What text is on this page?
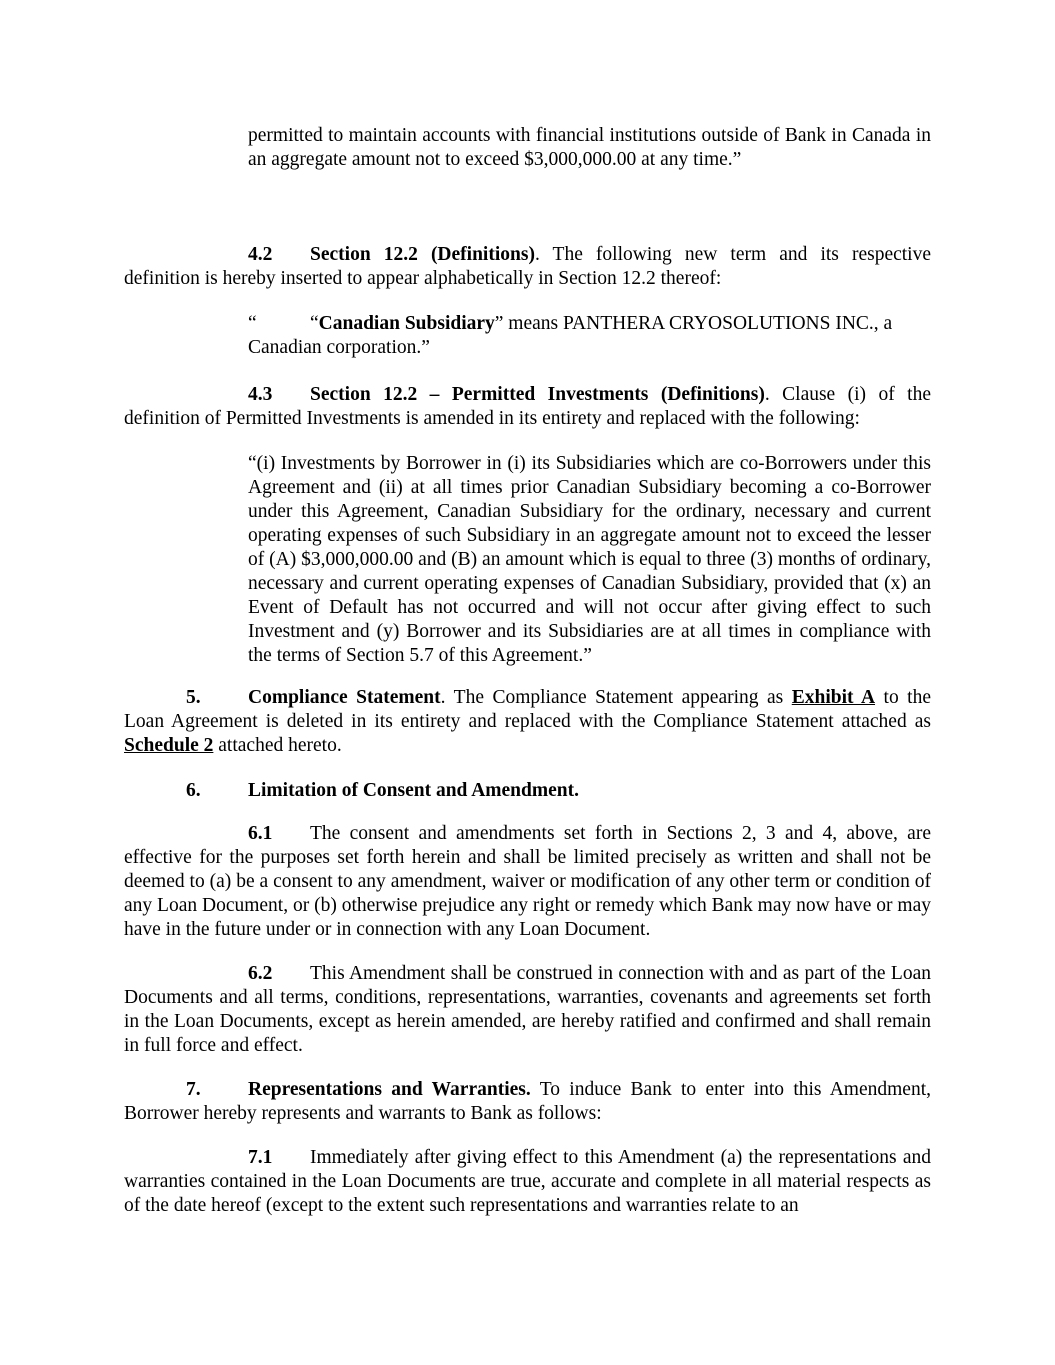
permitted to maintain accounts with financial institutions outside of Bank in Canada in an aggregate amount not to exceed $3,000,000.00 at any time.”
4.2 Section 12.2 (Definitions). The following new term and its respective definition is hereby inserted to appear alphabetically in Section 12.2 thereof:
“	“Canadian Subsidiary” means PANTHERA CRYOSOLUTIONS INC., a Canadian corporation.”
4.3 Section 12.2 – Permitted Investments (Definitions). Clause (i) of the definition of Permitted Investments is amended in its entirety and replaced with the following:
“(i) Investments by Borrower in (i) its Subsidiaries which are co-Borrowers under this Agreement and (ii) at all times prior Canadian Subsidiary becoming a co-Borrower under this Agreement, Canadian Subsidiary for the ordinary, necessary and current operating expenses of such Subsidiary in an aggregate amount not to exceed the lesser of (A) $3,000,000.00 and (B) an amount which is equal to three (3) months of ordinary, necessary and current operating expenses of Canadian Subsidiary, provided that (x) an Event of Default has not occurred and will not occur after giving effect to such Investment and (y) Borrower and its Subsidiaries are at all times in compliance with the terms of Section 5.7 of this Agreement.”
5. Compliance Statement. The Compliance Statement appearing as Exhibit A to the Loan Agreement is deleted in its entirety and replaced with the Compliance Statement attached as Schedule 2 attached hereto.
6. Limitation of Consent and Amendment.
6.1 The consent and amendments set forth in Sections 2, 3 and 4, above, are effective for the purposes set forth herein and shall be limited precisely as written and shall not be deemed to (a) be a consent to any amendment, waiver or modification of any other term or condition of any Loan Document, or (b) otherwise prejudice any right or remedy which Bank may now have or may have in the future under or in connection with any Loan Document.
6.2 This Amendment shall be construed in connection with and as part of the Loan Documents and all terms, conditions, representations, warranties, covenants and agreements set forth in the Loan Documents, except as herein amended, are hereby ratified and confirmed and shall remain in full force and effect.
7. Representations and Warranties. To induce Bank to enter into this Amendment, Borrower hereby represents and warrants to Bank as follows:
7.1 Immediately after giving effect to this Amendment (a) the representations and warranties contained in the Loan Documents are true, accurate and complete in all material respects as of the date hereof (except to the extent such representations and warranties relate to an
